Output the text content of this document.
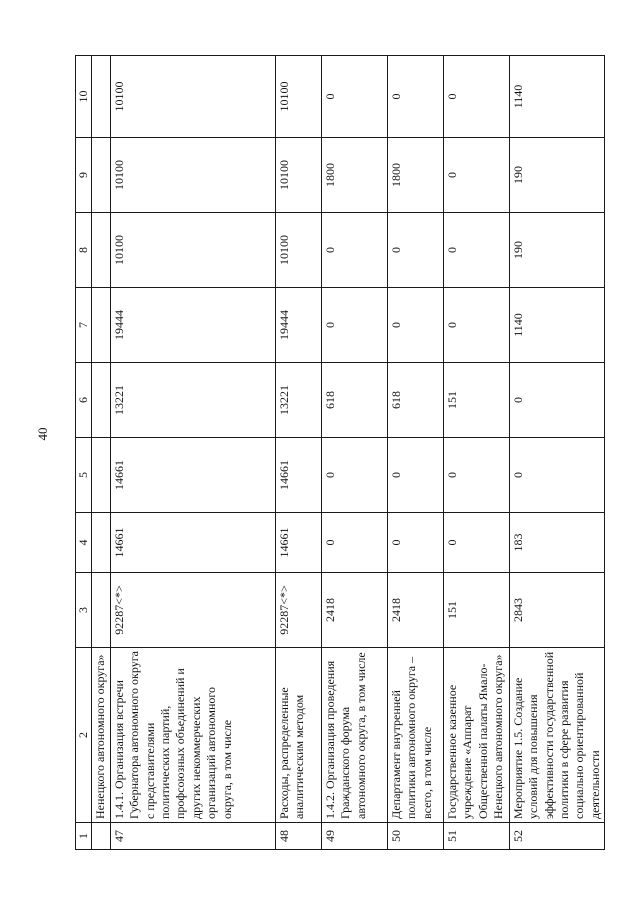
40
1	2	3	4	5	6	7	8	9	10
	Ненецкого автономного округа»								
47	1.4.1. Организация встречи Губернатора автономного округа с представителями политических партий, профсоюзных объединений и других некоммерческих организаций автономного округа, в том числе	92287<*>	14661	14661	13221	19444	10100	10100	10100
48	Расходы, распределенные аналитическим методом	92287<*>	14661	14661	13221	19444	10100	10100	10100
49	1.4.2. Организация проведения Гражданского форума автономного округа, в том числе	2418	0	0	618	0	0	1800	0
50	Департамент внутренней политики автономного округа – всего, в том числе	2418	0	0	618	0	0	1800	0
51	Государственное казенное учреждение «Аппарат Общественной палаты Ямало-Ненецкого автономного округа»	151	0	0	151	0	0	0	0
52	Мероприятие 1.5. Создание условий для повышения эффективности государственной политики в сфере развития социально ориентированной деятельности	2843	183	0	0	1140	190	190	1140
